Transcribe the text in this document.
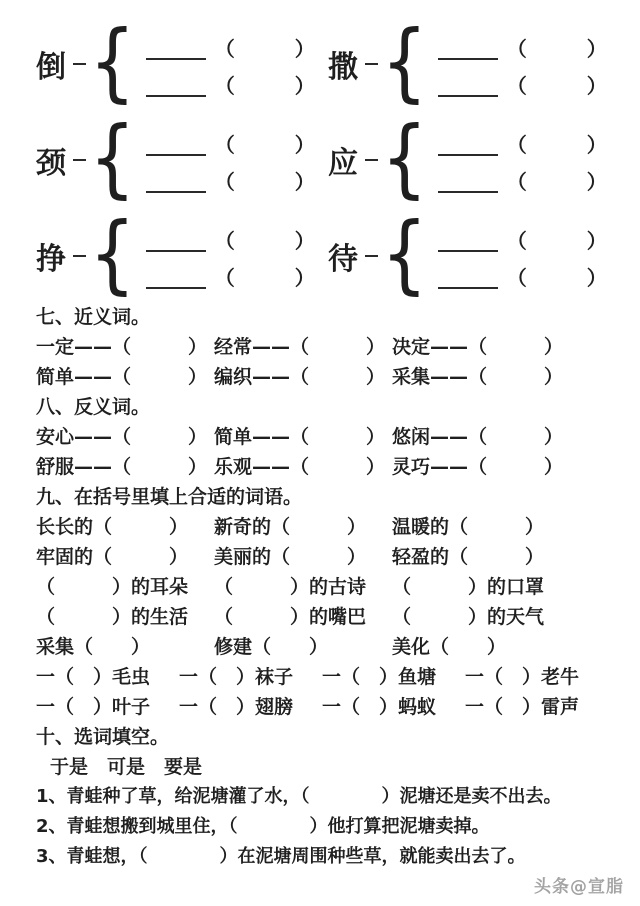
倒 {	（　　　）
（　　　）
撒 {	（　　　）
（　　　）
颈 {	（　　　）
（　　　）
应 {	（　　　）
（　　　）
挣 {	（　　　）
（　　　）
待 {	（　　　）
（　　　）
七、近义词。
一定——（　　　） 经常——（　　　） 决定——（　　　）
简单——（　　　） 编织——（　　　） 采集——（　　　）
八、反义词。
安心——（　　　） 简单——（　　　） 悠闲——（　　　）
舒服——（　　　） 乐观——（　　　） 灵巧——（　　　）
九、在括号里填上合适的词语。
长长的（　　　）	新奇的（　　　）	温暖的（　　　）
牢固的（　　　）	美丽的（　　　）	轻盈的（　　　）
（　　　）的耳朵	（　　　）的古诗	（　　　）的口罩
（　　　）的生活	（　　　）的嘴巴	（　　　）的天气
采集（　　）	修建（　　）	美化（　　）
一（　）毛虫	一（　）袜子	一（　）鱼塘	一（　）老牛
一（　）叶子	一（　）翅膀	一（　）蚂蚁	一（　）雷声
十、选词填空。
于是　可是　要是
1、青蛙种了草，给泥塘灌了水，（　　　　）泥塘还是卖不出去。
2、青蛙想搬到城里住，（　　　　）他打算把泥塘卖掉。
3、青蛙想，（　　　　）在泥塘周围种些草，就能卖出去了。
头条@宣脂
